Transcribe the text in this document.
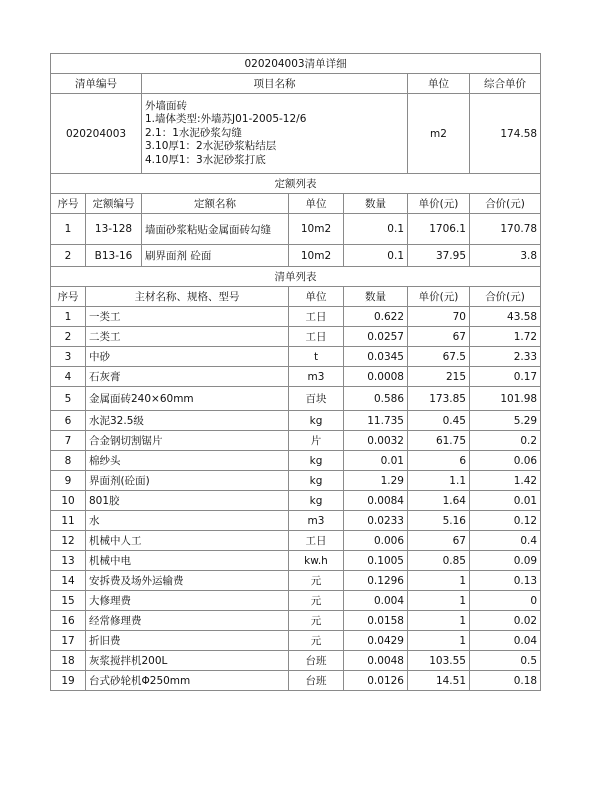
020204003清单详细						
清单编号		项目名称			单位	综合单价
020204003		外墙面砖
1.墙体类型:外墙苏J01-2005-12/6
2.1：1水泥砂浆勾缝
3.10厚1：2水泥砂浆粘结层
4.10厚1：3水泥砂浆打底			m2	174.58
定额列表						
序号	定额编号	定额名称	单位	数量	单价(元)	合价(元)
1	13-128	墙面砂浆粘贴金属面砖勾缝	10m2	0.1	1706.1	170.78
2	B13-16	刷界面剂 砼面	10m2	0.1	37.95	3.8
清单列表						
序号	主材名称、规格、型号		单位	数量	单价(元)	合价(元)
1	一类工		工日	0.622	70	43.58
2	二类工		工日	0.0257	67	1.72
3	中砂		t	0.0345	67.5	2.33
4	石灰膏		m3	0.0008	215	0.17
5	金属面砖240×60mm		百块	0.586	173.85	101.98
6	水泥32.5级		kg	11.735	0.45	5.29
7	合金钢切割锯片		片	0.0032	61.75	0.2
8	棉纱头		kg	0.01	6	0.06
9	界面剂(砼面)		kg	1.29	1.1	1.42
10	801胶		kg	0.0084	1.64	0.01
11	水		m3	0.0233	5.16	0.12
12	机械中人工		工日	0.006	67	0.4
13	机械中电		kw.h	0.1005	0.85	0.09
14	安拆费及场外运输费		元	0.1296	1	0.13
15	大修理费		元	0.004	1	0
16	经常修理费		元	0.0158	1	0.02
17	折旧费		元	0.0429	1	0.04
18	灰浆搅拌机200L		台班	0.0048	103.55	0.5
19	台式砂轮机Φ250mm		台班	0.0126	14.51	0.18
